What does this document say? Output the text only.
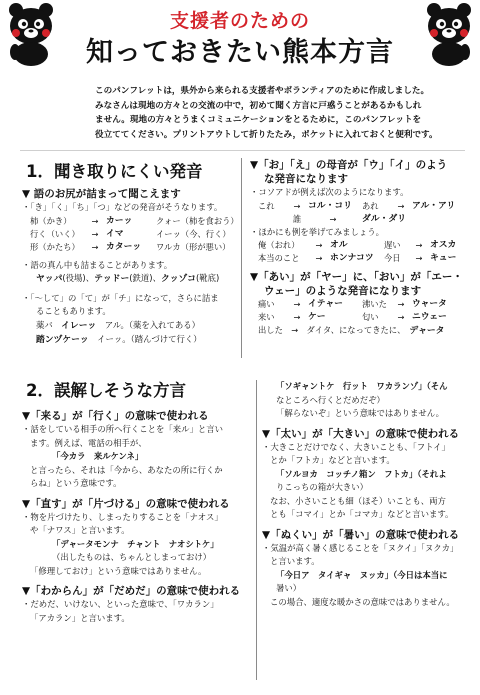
支援者のための
知っておきたい熊本方言
このパンフレットは，県外から来られる支援者やボランティアのために作成しました。
みなさんは現地の方々との交流の中で，初めて聞く方言に戸惑うことがあるかもしれ
ません。現地の方々とうまくコミュニケーションをとるために，このパンフレットを
役立ててください。プリントアウトして折りたたみ，ポケットに入れておくと便利です。
1．聞き取りにくい発音
▼ 語のお尻が詰まって聞こえます
・「き」「く」「ち」「つ」などの発音がそうなります。
柿（かき）	→ カーッ	クォー（柿を食おう）
行く（いく）	→ イマ	イーッ（今、行く）
形（かたち）	→ カターッ	ワルカ（形が悪い）
・語の真ん中も詰まることがあります。
ヤッパ(役場)、テッドー(鉄道)、クッゾコ(靴底)
・「～して」の「て」が「チ」になって，さらに詰ま
ることもあります。
薬バ　 イレーッ　 アル。（薬を入れてある）
踏ンヅケーッ　 イーッ。（踏んづけて行く）
▼「お」「え」の母音が「ウ」「イ」のよう
な発音になります
・コソアドが例えば次のようになります。
これ	→ コル・コリ	あれ	→ アル・アリ
誰	→	ダル・ダリ
・ほかにも例を挙げてみましょう。
俺（おれ）	→ オル	遅い	→ オスカ
本当のこと	→ ホンナコツ	今日	→ キュー
▼「あい」が「ヤー」に、「おい」が「エー・
ウェー」のような発音になります
痛い	→ イテャー	沸いた	→ ウャータ
来い	→ ケー	匂い	→ ニウェー
出した　 →　 ダイタ、になってきたに、　 デャータ
2．誤解しそうな方言
▼「来る」が「行く」の意味で使われる
・話をしている相手の所へ行くことを「来ル」と言い
ます。例えば、電話の相手が、
「今カラ　来ルケンネ」
と言ったら、それは「今から、あなたの所に行くか
らね」という意味です。
▼「直す」が「片づける」の意味で使われる
・物を片づけたり、しまったりすることを「ナオス」
や「ナワス」と言います。
「デャータモンナ　チャント　ナオシトケ」
（出したものは、ちゃんとしまっておけ）
「修理しておけ」という意味ではありません。
▼「わからん」が「だめだ」の意味で使われる
・だめだ、いけない、といった意味で、「ワカラン」
「アカラン」と言います。
「ソギャントケ　行ット　ワカランゾ」（そん
なところへ行くとだめだぞ）
「解らないぞ」という意味ではありません。
▼「太い」が「大きい」の意味で使われる
・大きことだけでなく、大きいことも、「フトイ」
とか「フトカ」などと言います。
「ソルヨカ　コッチノ箱ン　フトカ」（それよ
りこっちの箱が大きい）
なお、小さいことも細（ほそ）いことも、両方
とも「コマイ」とか「コマカ」などと言います。
▼「ぬくい」が「暑い」の意味で使われる
・気温が高く暑く感じることを「ヌクイ」「ヌクカ」
と言います。
「今日ア　タイギャ　ヌッカ」（今日は本当に
暑い）
この場合、適度な暖かさの意味ではありません。
